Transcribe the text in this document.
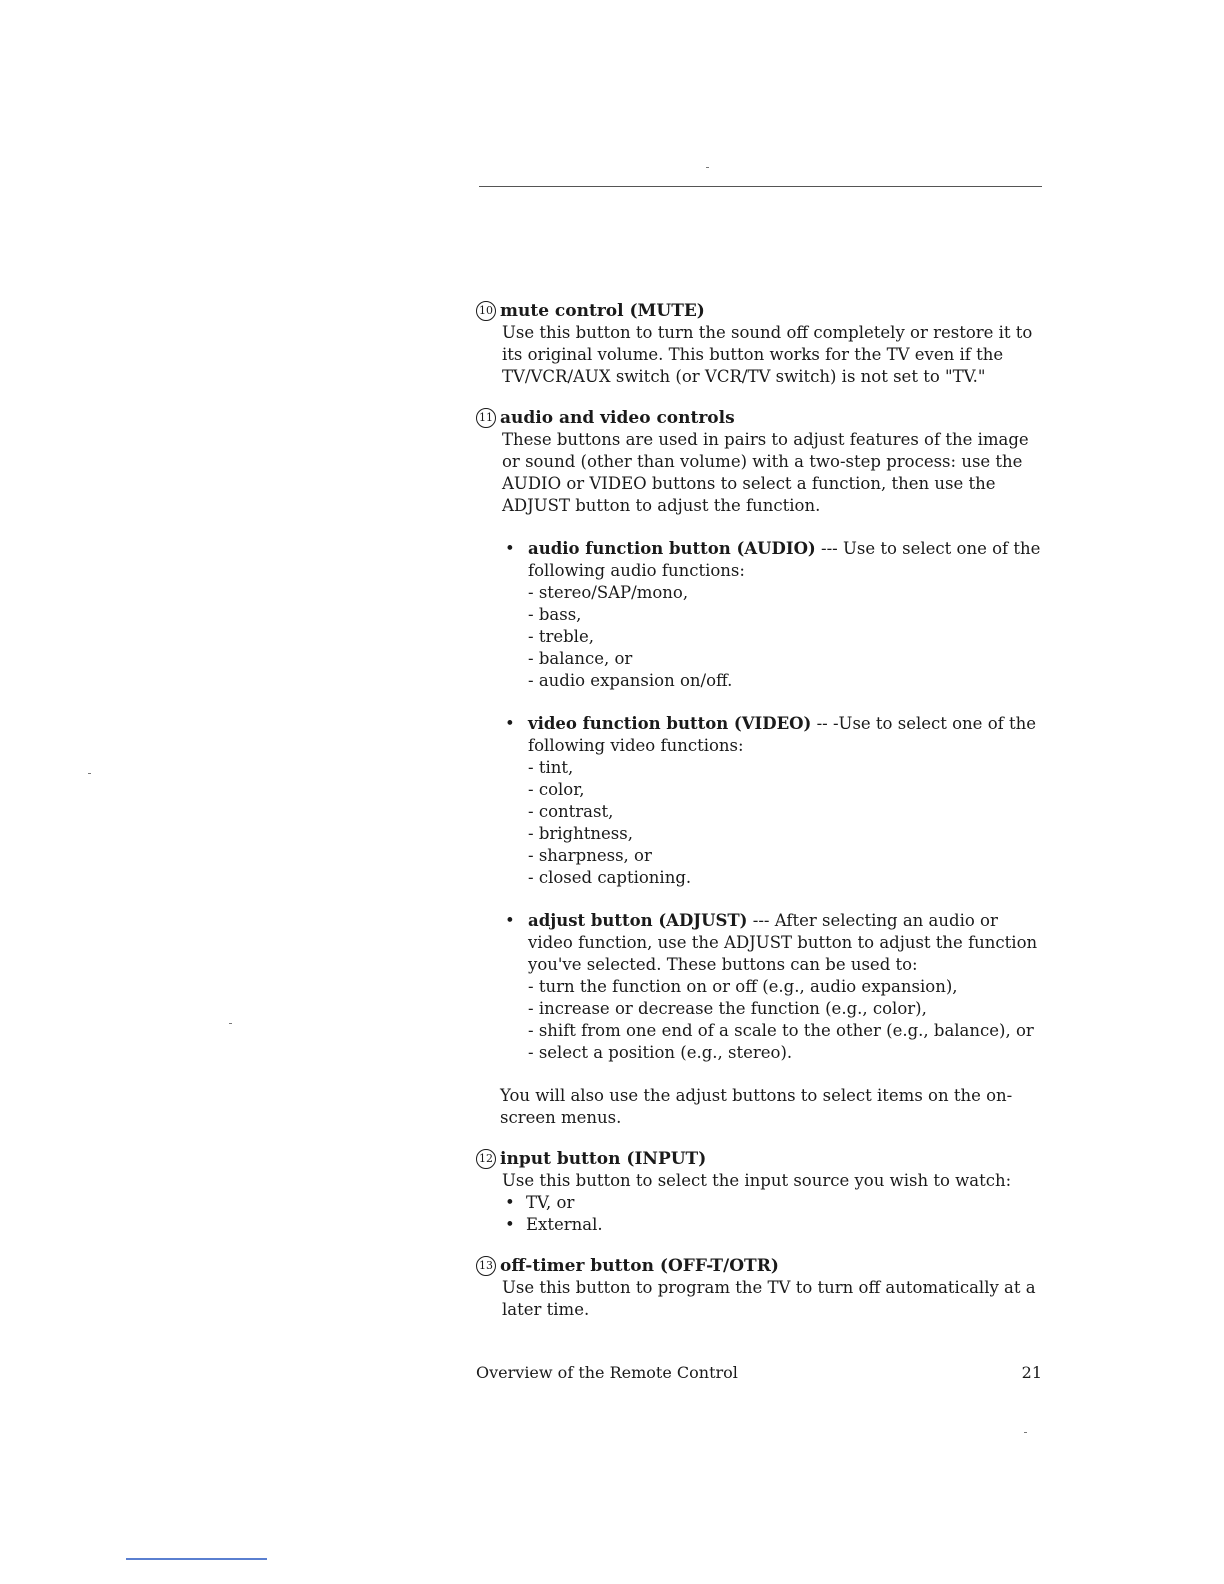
10 mute control (MUTE)
Use this button to turn the sound off completely or restore it to its original volume. This button works for the TV even if the TV/VCR/AUX switch (or VCR/TV switch) is not set to "TV."
11 audio and video controls
These buttons are used in pairs to adjust features of the image or sound (other than volume) with a two-step process: use the AUDIO or VIDEO buttons to select a function, then use the ADJUST button to adjust the function.
• audio function button (AUDIO) --- Use to select one of the following audio functions:
- stereo/SAP/mono,
- bass,
- treble,
- balance, or
- audio expansion on/off.
• video function button (VIDEO) -- -Use to select one of the following video functions:
- tint,
- color,
- contrast,
- brightness,
- sharpness, or
- closed captioning.
• adjust button (ADJUST) --- After selecting an audio or video function, use the ADJUST button to adjust the function you've selected. These buttons can be used to:
- turn the function on or off (e.g., audio expansion),
- increase or decrease the function (e.g., color),
- shift from one end of a scale to the other (e.g., balance), or
- select a position (e.g., stereo).
You will also use the adjust buttons to select items on the on-screen menus.
12 input button (INPUT)
Use this button to select the input source you wish to watch:
• TV, or
• External.
13 off-timer button (OFF-T/OTR)
Use this button to program the TV to turn off automatically at a later time.
Overview of the Remote Control	21
